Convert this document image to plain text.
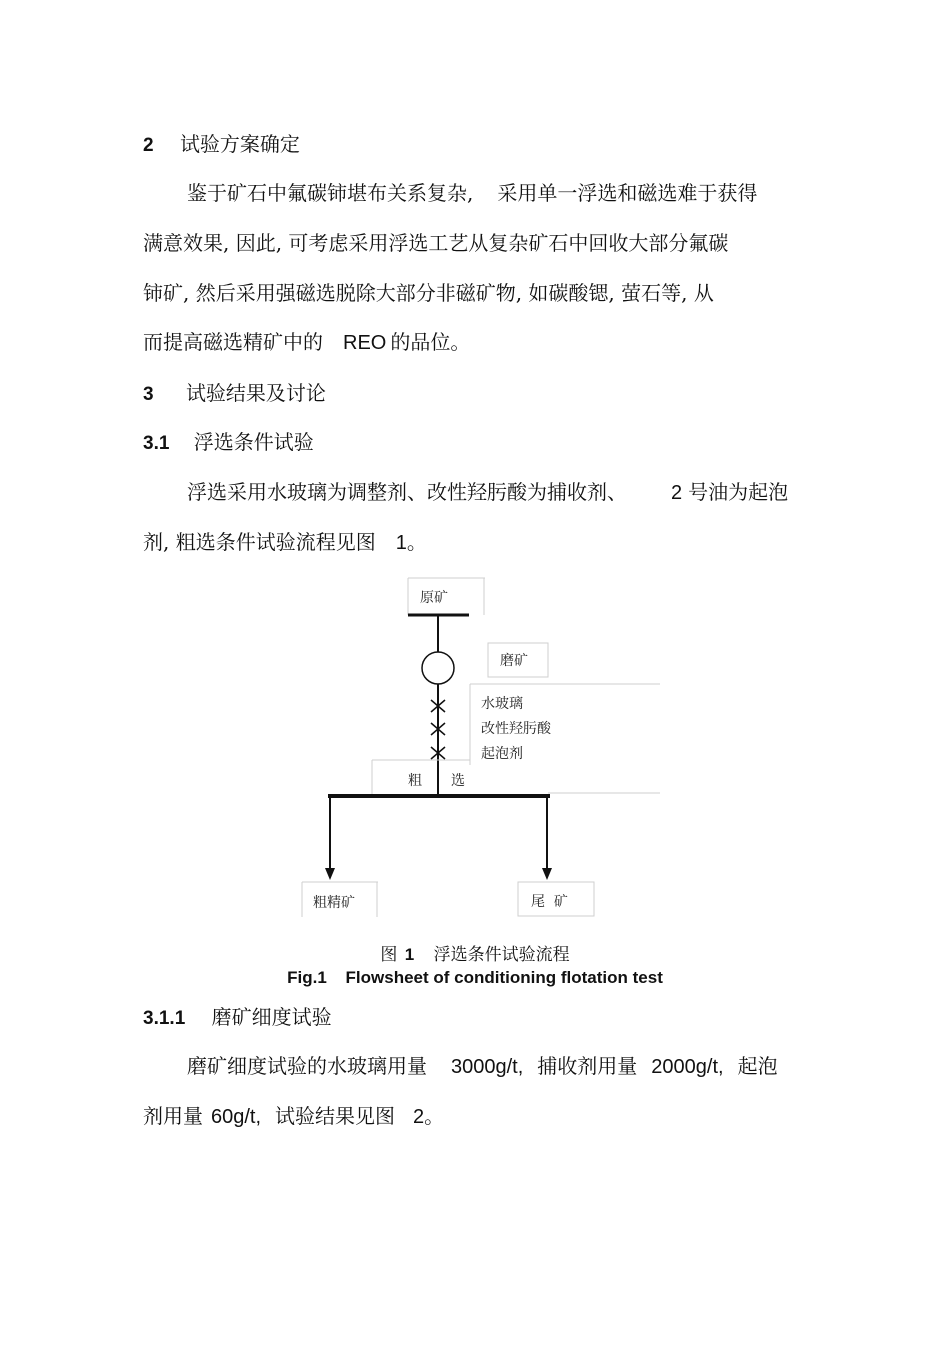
2 试验方案确定
鉴于矿石中氟碳铈堪布关系复杂, 采用单一浮选和磁选难于获得
满意效果, 因此, 可考虑采用浮选工艺从复杂矿石中回收大部分氟碳
铈矿, 然后采用强磁选脱除大部分非磁矿物, 如碳酸锶, 萤石等, 从
而提高磁选精矿中的 REO 的品位。
3 试验结果及讨论
3.1 浮选条件试验
浮选采用水玻璃为调整剂、改性羟肟酸为捕收剂、 2 号油为起泡
剂, 粗选条件试验流程见图 1。
原矿
磨矿
水玻璃
改性羟肟酸
起泡剂
粗 选
粗精矿	尾  矿
图 1 浮选条件试验流程
Fig.1 Flowsheet of conditioning flotation test
3.1.1 磨矿细度试验
磨矿细度试验的水玻璃用量 3000g/t, 捕收剂用量 2000g/t, 起泡
剂用量 60g/t, 试验结果见图 2。
